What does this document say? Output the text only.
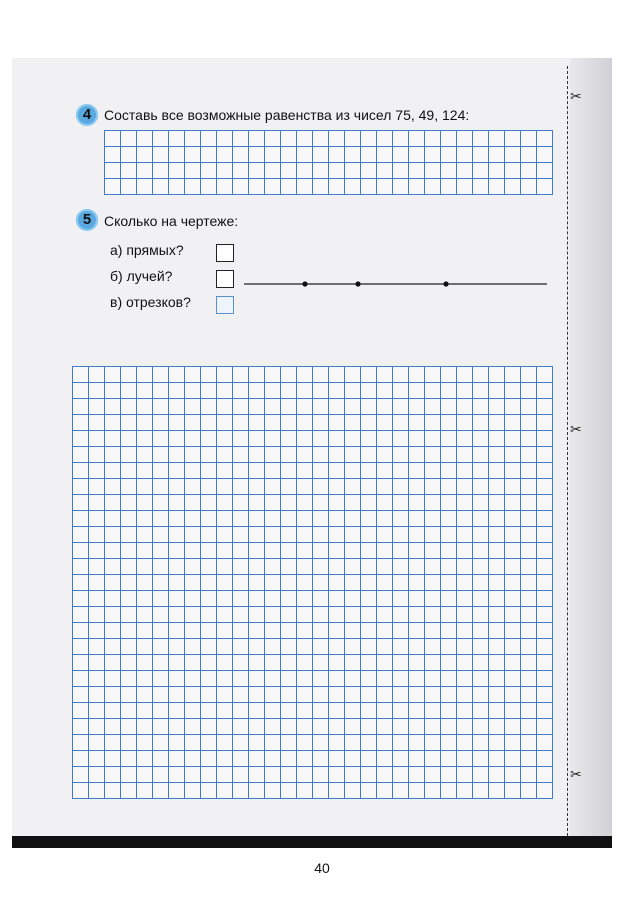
4 Составь все возможные равенства из чисел 75, 49, 124:
5 Сколько на чертеже:
а) прямых?
б) лучей?
в) отрезков?
40
✂
✂
✂
